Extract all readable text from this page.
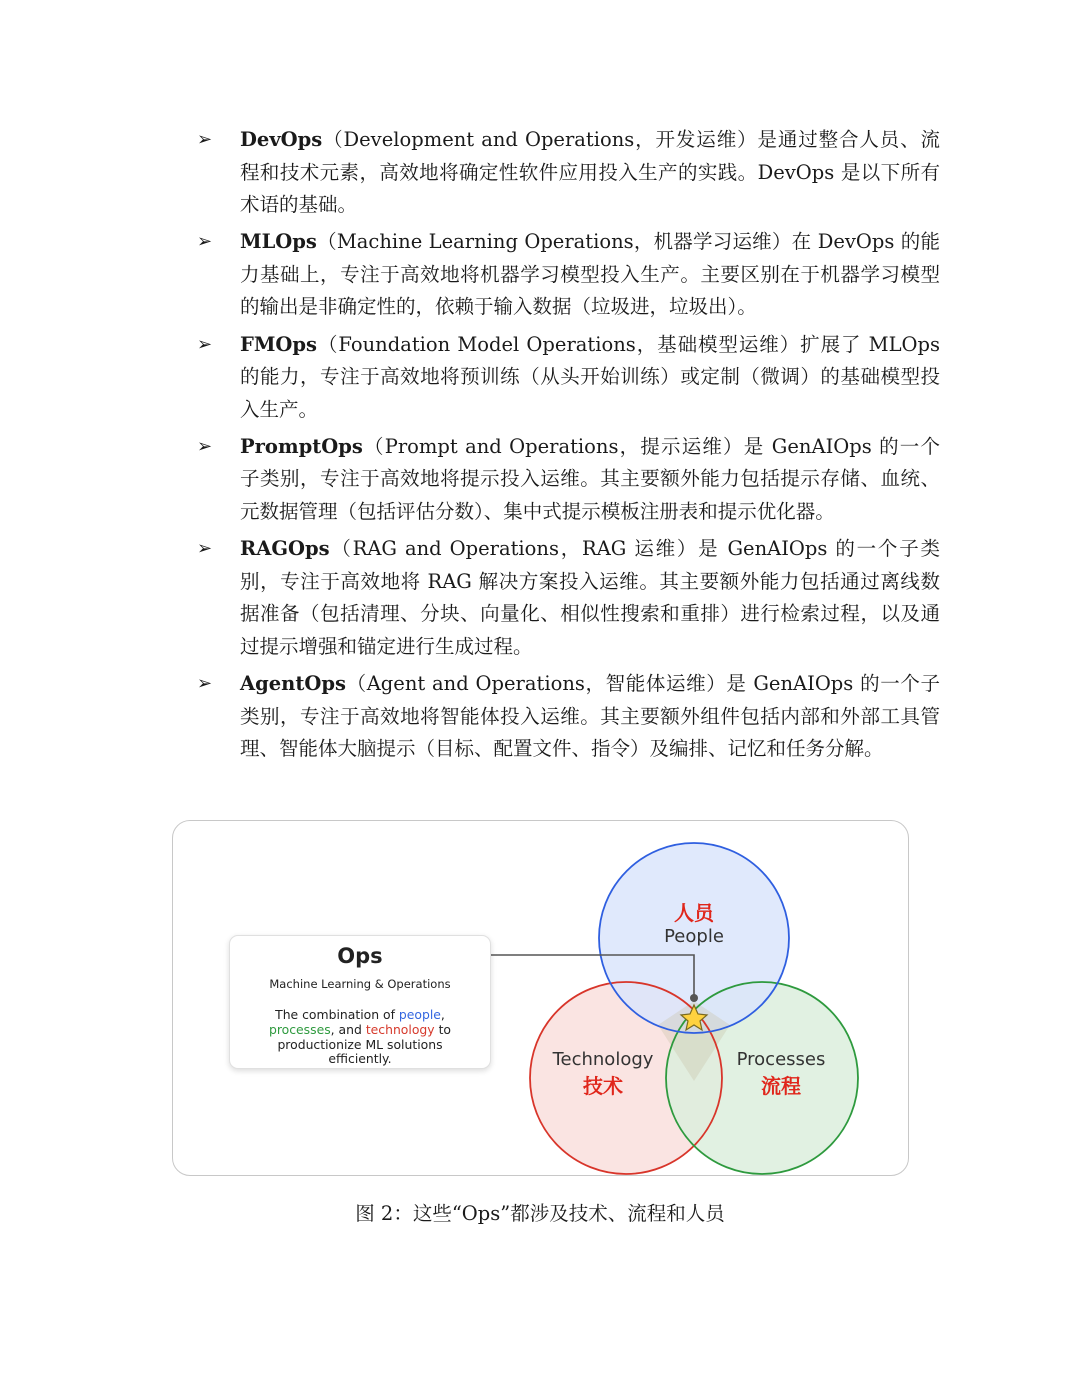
➢	DevOps（Development and Operations，开发运维）是通过整合人员、流程和技术元素，高效地将确定性软件应用投入生产的实践。DevOps 是以下所有术语的基础。
➢	MLOps（Machine Learning Operations，机器学习运维）在 DevOps 的能力基础上，专注于高效地将机器学习模型投入生产。主要区别在于机器学习模型的输出是非确定性的，依赖于输入数据（垃圾进，垃圾出）。
➢	FMOps（Foundation Model Operations，基础模型运维）扩展了 MLOps 的能力，专注于高效地将预训练（从头开始训练）或定制（微调）的基础模型投入生产。
➢	PromptOps（Prompt and Operations，提示运维）是 GenAIOps 的一个子类别，专注于高效地将提示投入运维。其主要额外能力包括提示存储、血统、元数据管理（包括评估分数）、集中式提示模板注册表和提示优化器。
➢	RAGOps（RAG and Operations，RAG 运维）是 GenAIOps 的一个子类别，专注于高效地将 RAG 解决方案投入运维。其主要额外能力包括通过离线数据准备（包括清理、分块、向量化、相似性搜索和重排）进行检索过程，以及通过提示增强和锚定进行生成过程。
➢	AgentOps（Agent and Operations，智能体运维）是 GenAIOps 的一个子类别，专注于高效地将智能体投入运维。其主要额外组件包括内部和外部工具管理、智能体大脑提示（目标、配置文件、指令）及编排、记忆和任务分解。
Ops
Machine Learning & Operations
The combination of people, processes, and technology to productionize ML solutions efficiently.
人员
People
Technology
技术
Processes
流程
图 2：这些“Ops”都涉及技术、流程和人员
